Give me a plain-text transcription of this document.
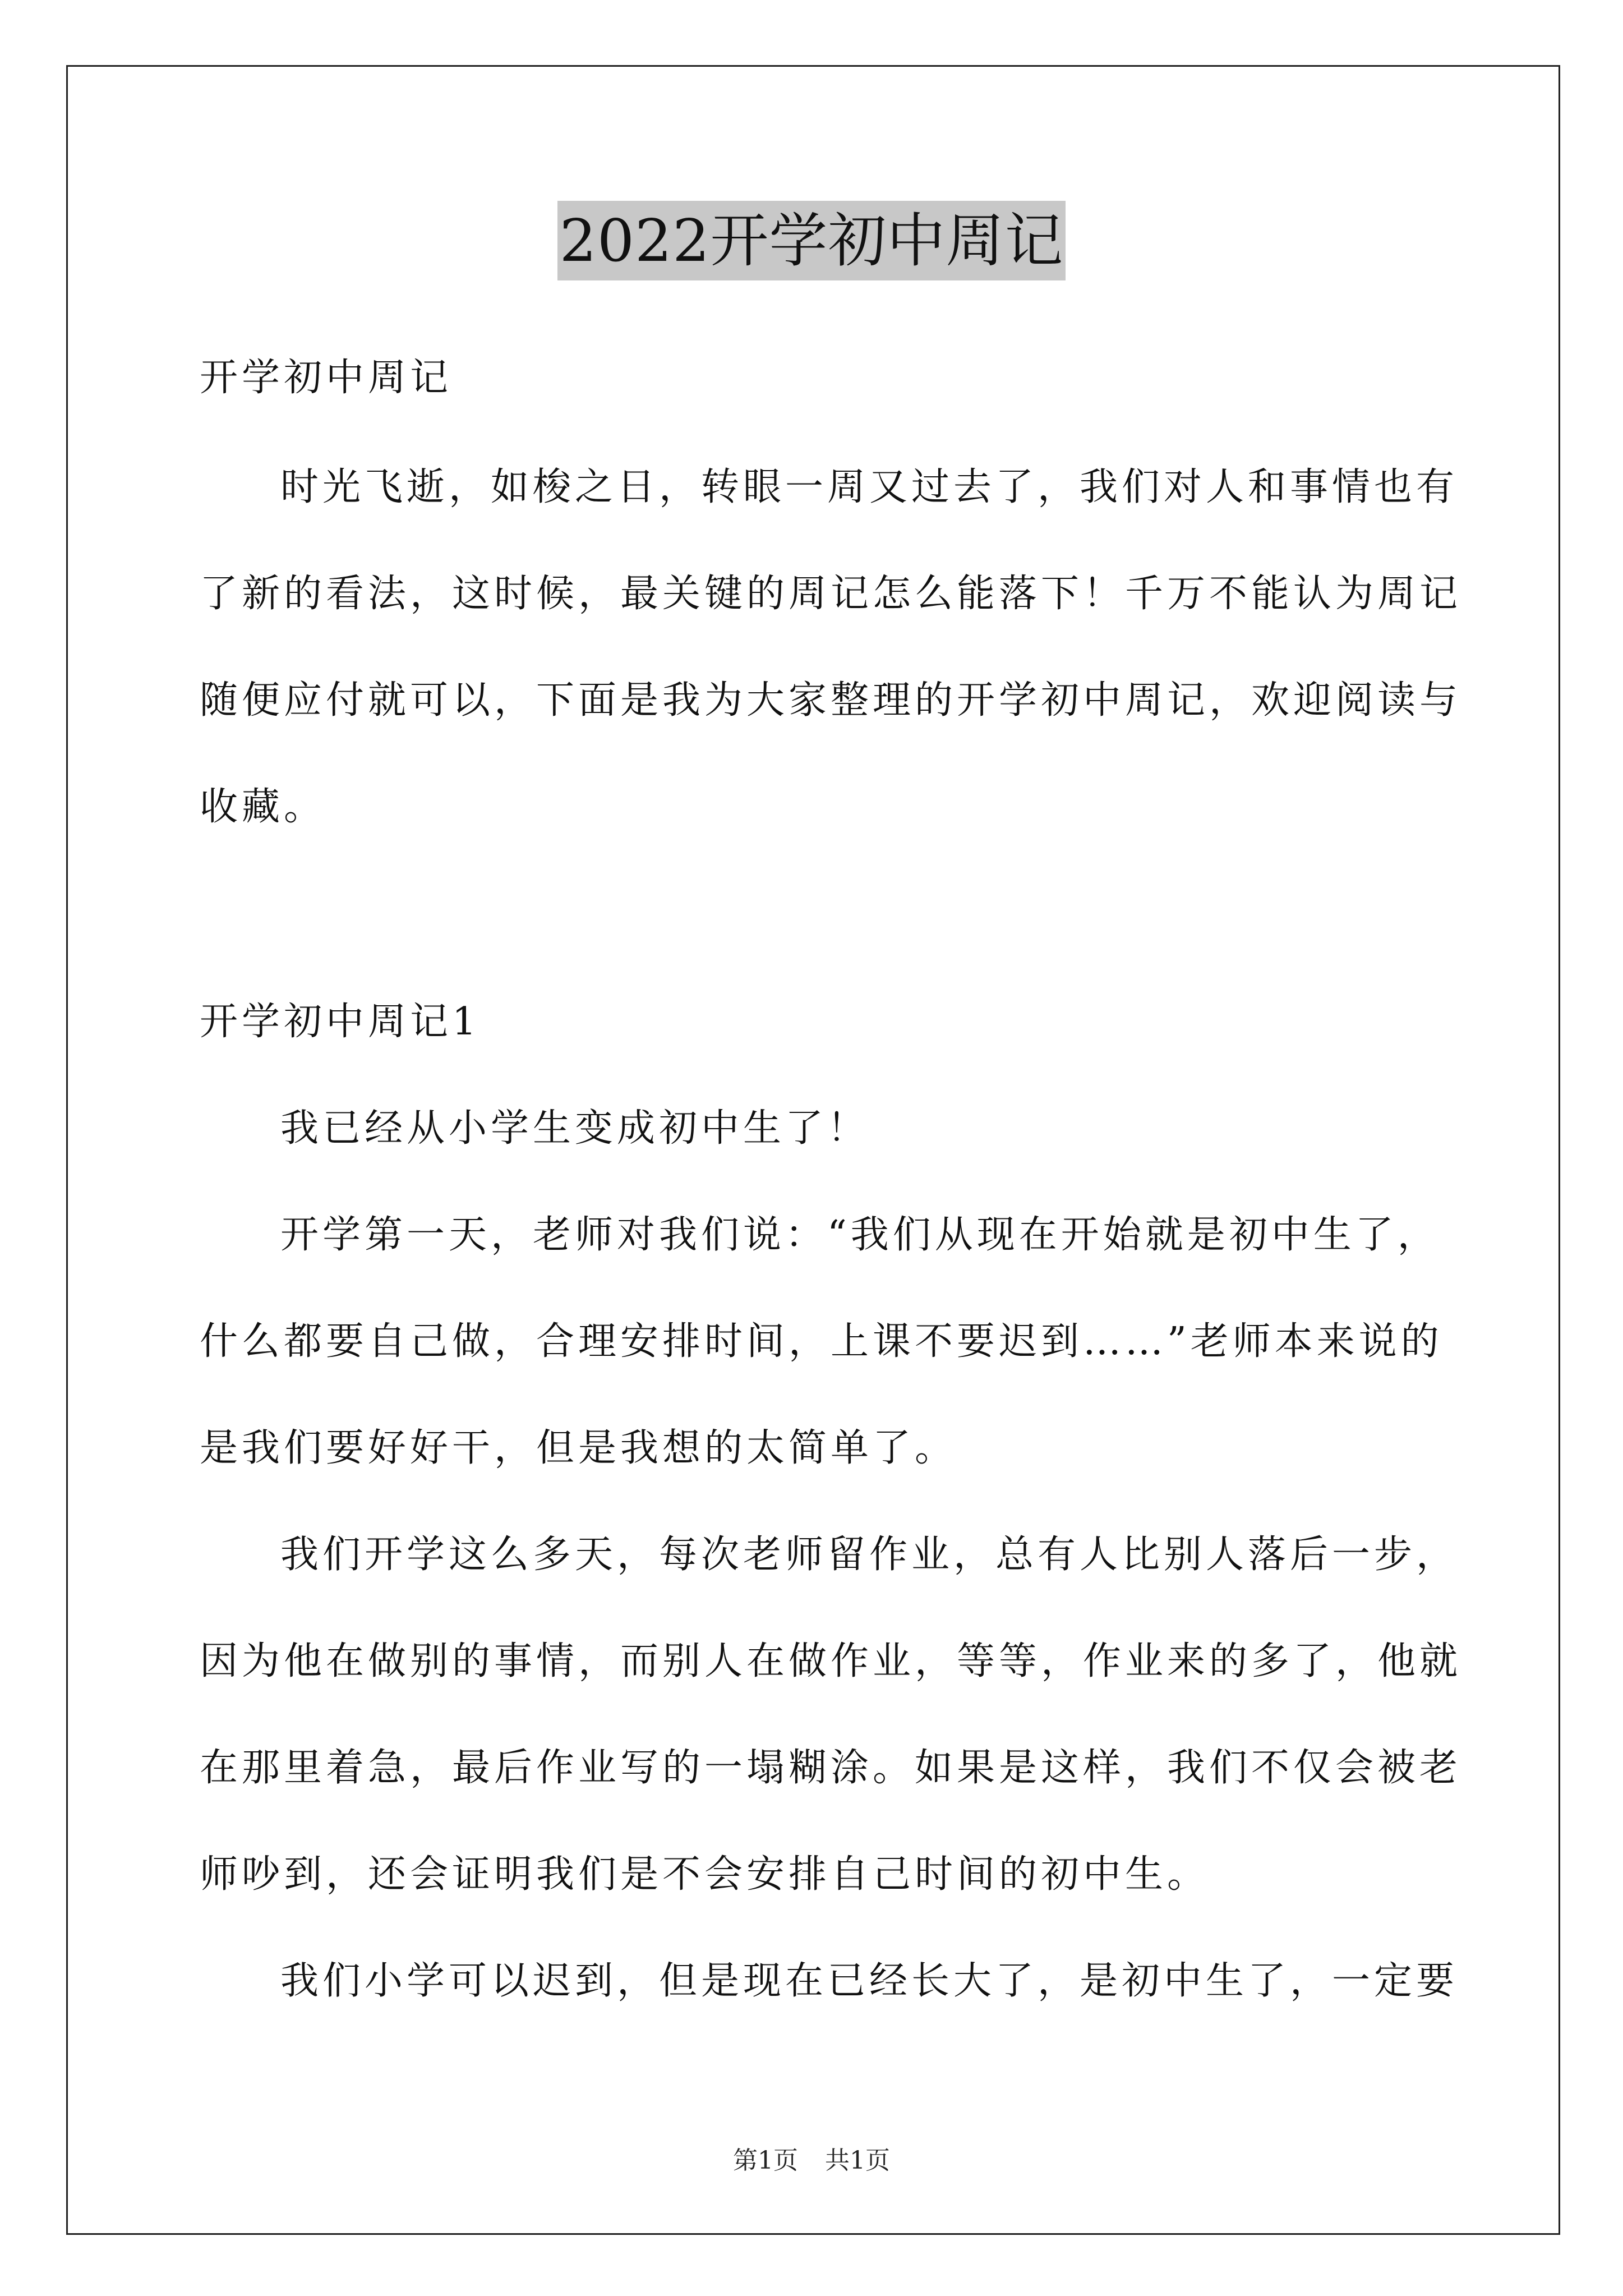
2022开学初中周记
开学初中周记
时光飞逝，如梭之日，转眼一周又过去了，我们对人和事情也有
了新的看法，这时候，最关键的周记怎么能落下！千万不能认为周记
随便应付就可以，下面是我为大家整理的开学初中周记，欢迎阅读与
收藏。
开学初中周记1
我已经从小学生变成初中生了！
开学第一天，老师对我们说：“我们从现在开始就是初中生了，
什么都要自己做，合理安排时间，上课不要迟到……”老师本来说的
是我们要好好干，但是我想的太简单了。
我们开学这么多天，每次老师留作业，总有人比别人落后一步，
因为他在做别的事情，而别人在做作业，等等，作业来的多了，他就
在那里着急，最后作业写的一塌糊涂。如果是这样，我们不仅会被老
师吵到，还会证明我们是不会安排自己时间的初中生。
我们小学可以迟到，但是现在已经长大了，是初中生了，一定要
第1页 共1页
